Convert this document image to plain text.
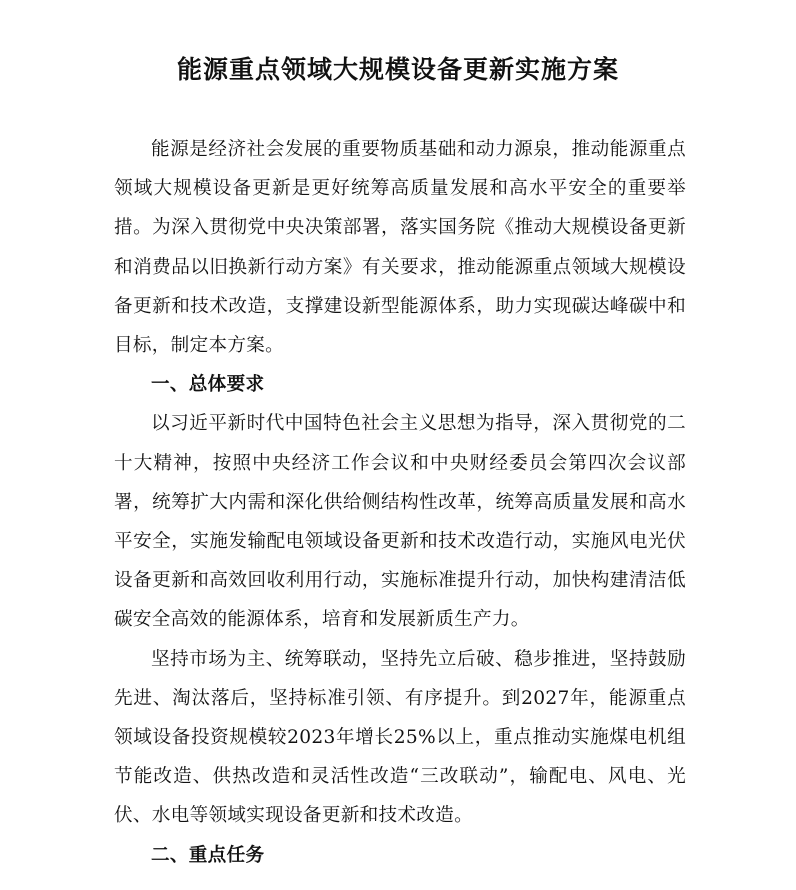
能源重点领域大规模设备更新实施方案

能源是经济社会发展的重要物质基础和动力源泉，推动能源重点领域大规模设备更新是更好统筹高质量发展和高水平安全的重要举措。为深入贯彻党中央决策部署，落实国务院《推动大规模设备更新和消费品以旧换新行动方案》有关要求，推动能源重点领域大规模设备更新和技术改造，支撑建设新型能源体系，助力实现碳达峰碳中和目标，制定本方案。

一、总体要求

以习近平新时代中国特色社会主义思想为指导，深入贯彻党的二十大精神，按照中央经济工作会议和中央财经委员会第四次会议部署，统筹扩大内需和深化供给侧结构性改革，统筹高质量发展和高水平安全，实施发输配电领域设备更新和技术改造行动，实施风电光伏设备更新和高效回收利用行动，实施标准提升行动，加快构建清洁低碳安全高效的能源体系，培育和发展新质生产力。

坚持市场为主、统筹联动，坚持先立后破、稳步推进，坚持鼓励先进、淘汰落后，坚持标准引领、有序提升。到2027年，能源重点领域设备投资规模较2023年增长25%以上，重点推动实施煤电机组节能改造、供热改造和灵活性改造“三改联动”，输配电、风电、光伏、水电等领域实现设备更新和技术改造。

二、重点任务
